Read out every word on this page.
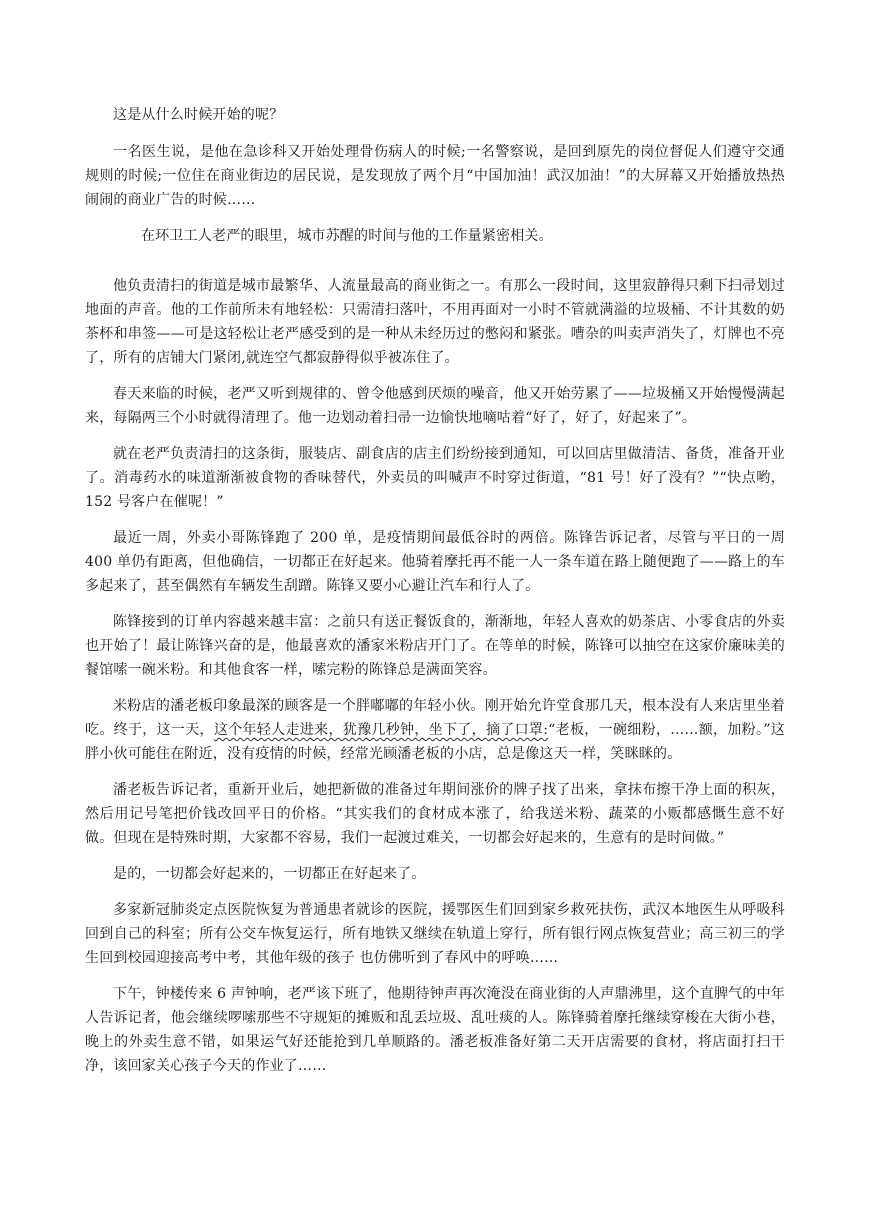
这是从什么时候开始的呢？

一名医生说，是他在急诊科又开始处理骨伤病人的时候;一名警察说，是回到原先的岗位督促人们遵守交通规则的时候;一位住在商业街边的居民说，是发现放了两个月“中国加油！武汉加油！”的大屏幕又开始播放热热闹闹的商业广告的时候……

在环卫工人老严的眼里，城市苏醒的时间与他的工作量紧密相关。

他负责清扫的街道是城市最繁华、人流量最高的商业街之一。有那么一段时间，这里寂静得只剩下扫帚划过地面的声音。他的工作前所未有地轻松：只需清扫落叶，不用再面对一小时不管就满溢的垃圾桶、不计其数的奶茶杯和串签——可是这轻松让老严感受到的是一种从未经历过的憋闷和紧张。嘈杂的叫卖声消失了，灯牌也不亮了，所有的店铺大门紧闭,就连空气都寂静得似乎被冻住了。

春天来临的时候，老严又听到规律的、曾令他感到厌烦的噪音，他又开始劳累了——垃圾桶又开始慢慢满起来，每隔两三个小时就得清理了。他一边划动着扫帚一边愉快地嘀咕着“好了，好了，好起来了”。

就在老严负责清扫的这条街，服装店、副食店的店主们纷纷接到通知，可以回店里做清洁、备货，准备开业了。消毒药水的味道渐渐被食物的香味替代，外卖员的叫喊声不时穿过街道，“81 号！好了没有？”“快点哟，152 号客户在催呢！”

最近一周，外卖小哥陈锋跑了 200 单，是疫情期间最低谷时的两倍。陈锋告诉记者，尽管与平日的一周 400 单仍有距离，但他确信，一切都正在好起来。他骑着摩托再不能一人一条车道在路上随便跑了——路上的车多起来了，甚至偶然有车辆发生刮蹭。陈锋又要小心避让汽车和行人了。

陈锋接到的订单内容越来越丰富：之前只有送正餐饭食的，渐渐地，年轻人喜欢的奶茶店、小零食店的外卖也开始了！最让陈锋兴奋的是，他最喜欢的潘家米粉店开门了。在等单的时候，陈锋可以抽空在这家价廉味美的餐馆嗦一碗米粉。和其他食客一样，嗦完粉的陈锋总是满面笑容。

米粉店的潘老板印象最深的顾客是一个胖嘟嘟的年轻小伙。刚开始允许堂食那几天，根本没有人来店里坐着吃。终于，这一天，这个年轻人走进来，犹豫几秒钟，坐下了，摘了口罩:“老板，一碗细粉，……额，加粉。”这胖小伙可能住在附近，没有疫情的时候，经常光顾潘老板的小店，总是像这天一样，笑眯眯的。

潘老板告诉记者，重新开业后，她把新做的准备过年期间涨价的牌子找了出来，拿抹布擦干净上面的积灰，然后用记号笔把价钱改回平日的价格。“其实我们的食材成本涨了，给我送米粉、蔬菜的小贩都感慨生意不好做。但现在是特殊时期，大家都不容易，我们一起渡过难关，一切都会好起来的，生意有的是时间做。”

是的，一切都会好起来的，一切都正在好起来了。

多家新冠肺炎定点医院恢复为普通患者就诊的医院，援鄂医生们回到家乡救死扶伤，武汉本地医生从呼吸科回到自己的科室；所有公交车恢复运行，所有地铁又继续在轨道上穿行，所有银行网点恢复营业；高三初三的学生回到校园迎接高考中考，其他年级的孩子 也仿佛听到了春风中的呼唤……

下午，钟楼传来 6 声钟响，老严该下班了，他期待钟声再次淹没在商业街的人声鼎沸里，这个直脾气的中年人告诉记者，他会继续啰嗦那些不守规矩的摊贩和乱丢垃圾、乱吐痰的人。陈锋骑着摩托继续穿梭在大街小巷，晚上的外卖生意不错，如果运气好还能抢到几单顺路的。潘老板准备好第二天开店需要的食材，将店面打扫干净，该回家关心孩子今天的作业了……
